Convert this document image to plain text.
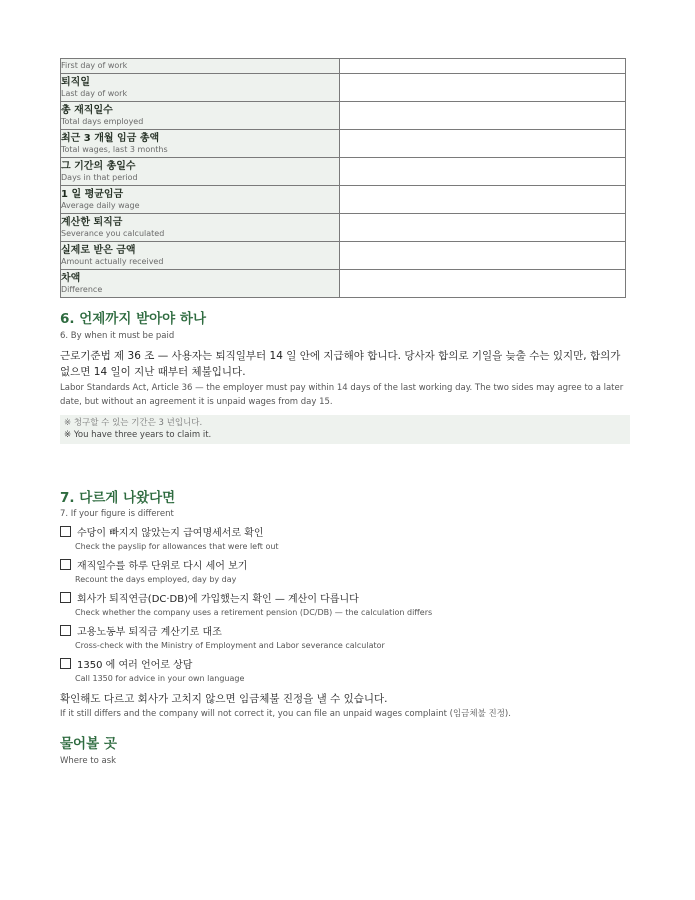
First day of work	

퇴직일
Last day of work	

총 재직일수
Total days employed	

최근 3 개월 임금 총액
Total wages, last 3 months	

그 기간의 총일수
Days in that period	

1 일 평균임금
Average daily wage	

계산한 퇴직금
Severance you calculated	

실제로 받은 금액
Amount actually received	

차액
Difference	

6. 언제까지 받아야 하나
6. By when it must be paid
근로기준법 제 36 조 — 사용자는 퇴직일부터 14 일 안에 지급해야 합니다. 당사자 합의로 기일을 늦출 수는 있지만, 합의가 없으면 14 일이 지난 때부터 체불입니다.
Labor Standards Act, Article 36 — the employer must pay within 14 days of the last working day. The two sides may agree to a later date, but without an agreement it is unpaid wages from day 15.
※ 청구할 수 있는 기간은 3 년입니다.
※ You have three years to claim it.
7. 다르게 나왔다면
7. If your figure is different
수당이 빠지지 않았는지 급여명세서로 확인
Check the payslip for allowances that were left out
재직일수를 하루 단위로 다시 세어 보기
Recount the days employed, day by day
회사가 퇴직연금(DC·DB)에 가입했는지 확인 — 계산이 다릅니다
Check whether the company uses a retirement pension (DC/DB) — the calculation differs
고용노동부 퇴직금 계산기로 대조
Cross-check with the Ministry of Employment and Labor severance calculator
1350 에 여러 언어로 상담
Call 1350 for advice in your own language
확인해도 다르고 회사가 고치지 않으면 임금체불 진정을 낼 수 있습니다.
If it still differs and the company will not correct it, you can file an unpaid wages complaint (임금체불 진정).
물어볼 곳
Where to ask
